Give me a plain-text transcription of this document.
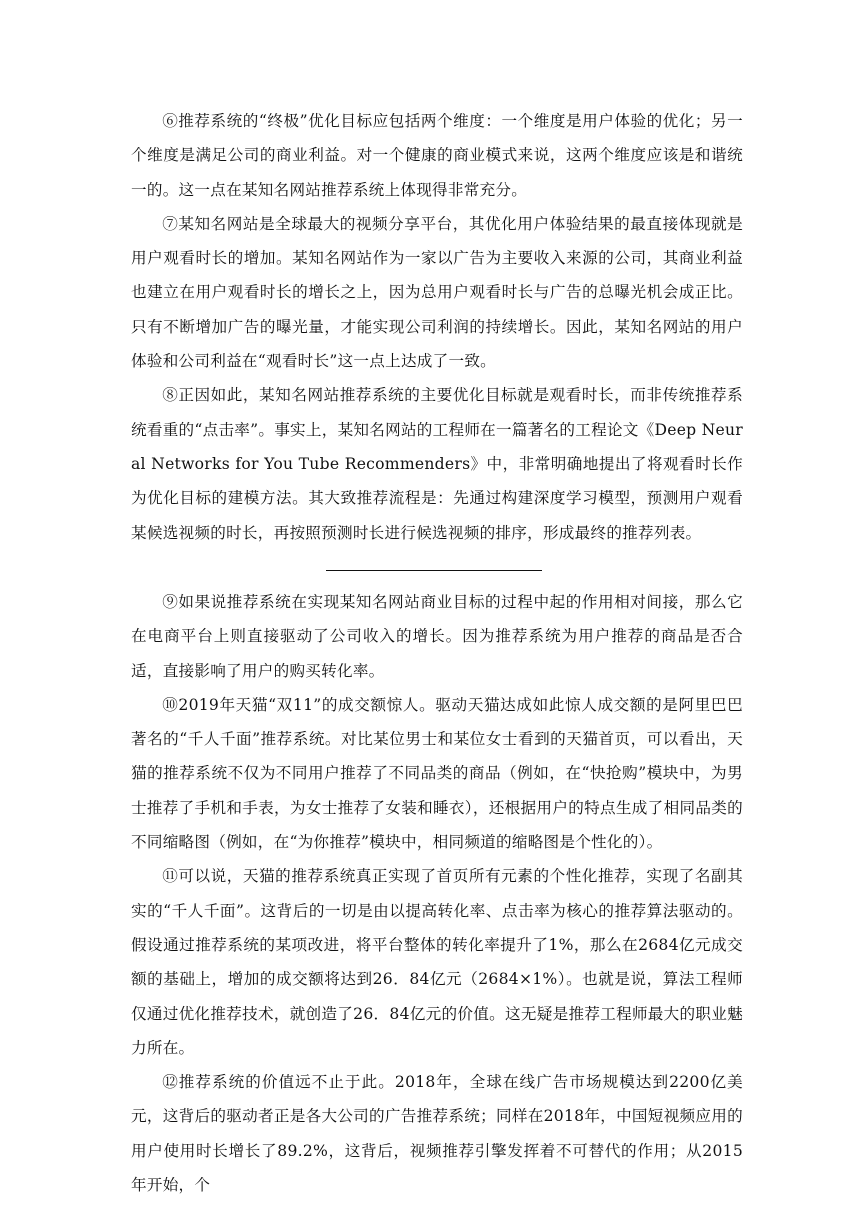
⑥推荐系统的“终极”优化目标应包括两个维度：一个维度是用户体验的优化；另一个维度是满足公司的商业利益。对一个健康的商业模式来说，这两个维度应该是和谐统一的。这一点在某知名网站推荐系统上体现得非常充分。

⑦某知名网站是全球最大的视频分享平台，其优化用户体验结果的最直接体现就是用户观看时长的增加。某知名网站作为一家以广告为主要收入来源的公司，其商业利益也建立在用户观看时长的增长之上，因为总用户观看时长与广告的总曝光机会成正比。只有不断增加广告的曝光量，才能实现公司利润的持续增长。因此，某知名网站的用户体验和公司利益在“观看时长”这一点上达成了一致。

⑧正因如此，某知名网站推荐系统的主要优化目标就是观看时长，而非传统推荐系统看重的“点击率”。事实上，某知名网站的工程师在一篇著名的工程论文《Deep Neural Networks for You Tube Recommenders》中，非常明确地提出了将观看时长作为优化目标的建模方法。其大致推荐流程是：先通过构建深度学习模型，预测用户观看某候选视频的时长，再按照预测时长进行候选视频的排序，形成最终的推荐列表。

⑨如果说推荐系统在实现某知名网站商业目标的过程中起的作用相对间接，那么它在电商平台上则直接驱动了公司收入的增长。因为推荐系统为用户推荐的商品是否合适，直接影响了用户的购买转化率。

⑩2019年天猫“双11”的成交额惊人。驱动天猫达成如此惊人成交额的是阿里巴巴著名的“千人千面”推荐系统。对比某位男士和某位女士看到的天猫首页，可以看出，天猫的推荐系统不仅为不同用户推荐了不同品类的商品（例如，在“快抢购”模块中，为男士推荐了手机和手表，为女士推荐了女装和睡衣），还根据用户的特点生成了相同品类的不同缩略图（例如，在“为你推荐”模块中，相同频道的缩略图是个性化的）。

⑪可以说，天猫的推荐系统真正实现了首页所有元素的个性化推荐，实现了名副其实的“千人千面”。这背后的一切是由以提高转化率、点击率为核心的推荐算法驱动的。假设通过推荐系统的某项改进，将平台整体的转化率提升了1%，那么在2684亿元成交额的基础上，增加的成交额将达到26．84亿元（2684×1%）。也就是说，算法工程师仅通过优化推荐技术，就创造了26．84亿元的价值。这无疑是推荐工程师最大的职业魅力所在。

⑫推荐系统的价值远不止于此。2018年，全球在线广告市场规模达到2200亿美元，这背后的驱动者正是各大公司的广告推荐系统；同样在2018年，中国短视频应用的用户使用时长增长了89.2%，这背后，视频推荐引擎发挥着不可替代的作用；从2015年开始，个
